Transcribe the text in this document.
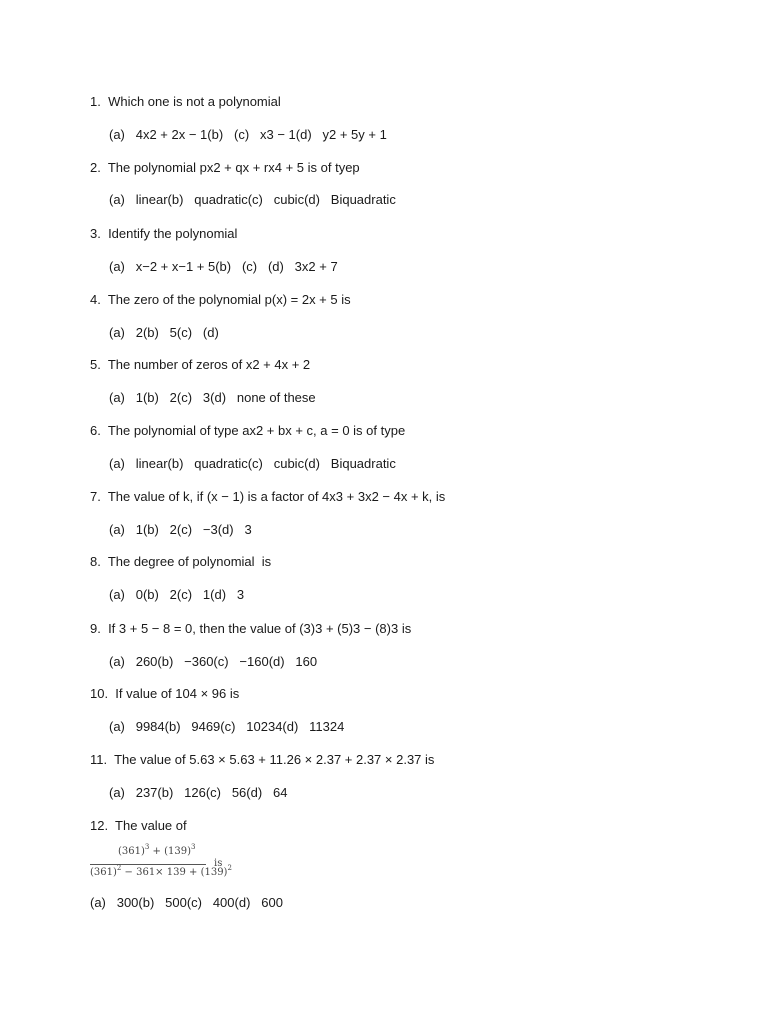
1.  Which one is not a polynomial
(a)   4x2 + 2x − 1(b)   (c)   x3 − 1(d)   y2 + 5y + 1
2.  The polynomial px2 + qx + rx4 + 5 is of tyep
(a)   linear(b)   quadratic(c)   cubic(d)   Biquadratic
3.  Identify the polynomial
(a)   x−2 + x−1 + 5(b)   (c)   (d)   3x2 + 7
4.  The zero of the polynomial p(x) = 2x + 5 is
(a)   2(b)   5(c)   (d)
5.  The number of zeros of x2 + 4x + 2
(a)   1(b)   2(c)   3(d)   none of these
6.  The polynomial of type ax2 + bx + c, a = 0 is of type
(a)   linear(b)   quadratic(c)   cubic(d)   Biquadratic
7.  The value of k, if (x − 1) is a factor of 4x3 + 3x2 − 4x + k, is
(a)   1(b)   2(c)   −3(d)   3
8.  The degree of polynomial  is
(a)   0(b)   2(c)   1(d)   3
9.  If 3 + 5 − 8 = 0, then the value of (3)3 + (5)3 − (8)3 is
(a)   260(b)   −360(c)   −160(d)   160
10.  If value of 104 × 96 is
(a)   9984(b)   9469(c)   10234(d)   11324
11.  The value of 5.63 × 5.63 + 11.26 × 2.37 + 2.37 × 2.37 is
(a)   237(b)   126(c)   56(d)   64
12.  The value of
$(361)^3 + (139)^3$
$(361)^2 - 361\times 139 + (139)^2$
is
(a)   300(b)   500(c)   400(d)   600
